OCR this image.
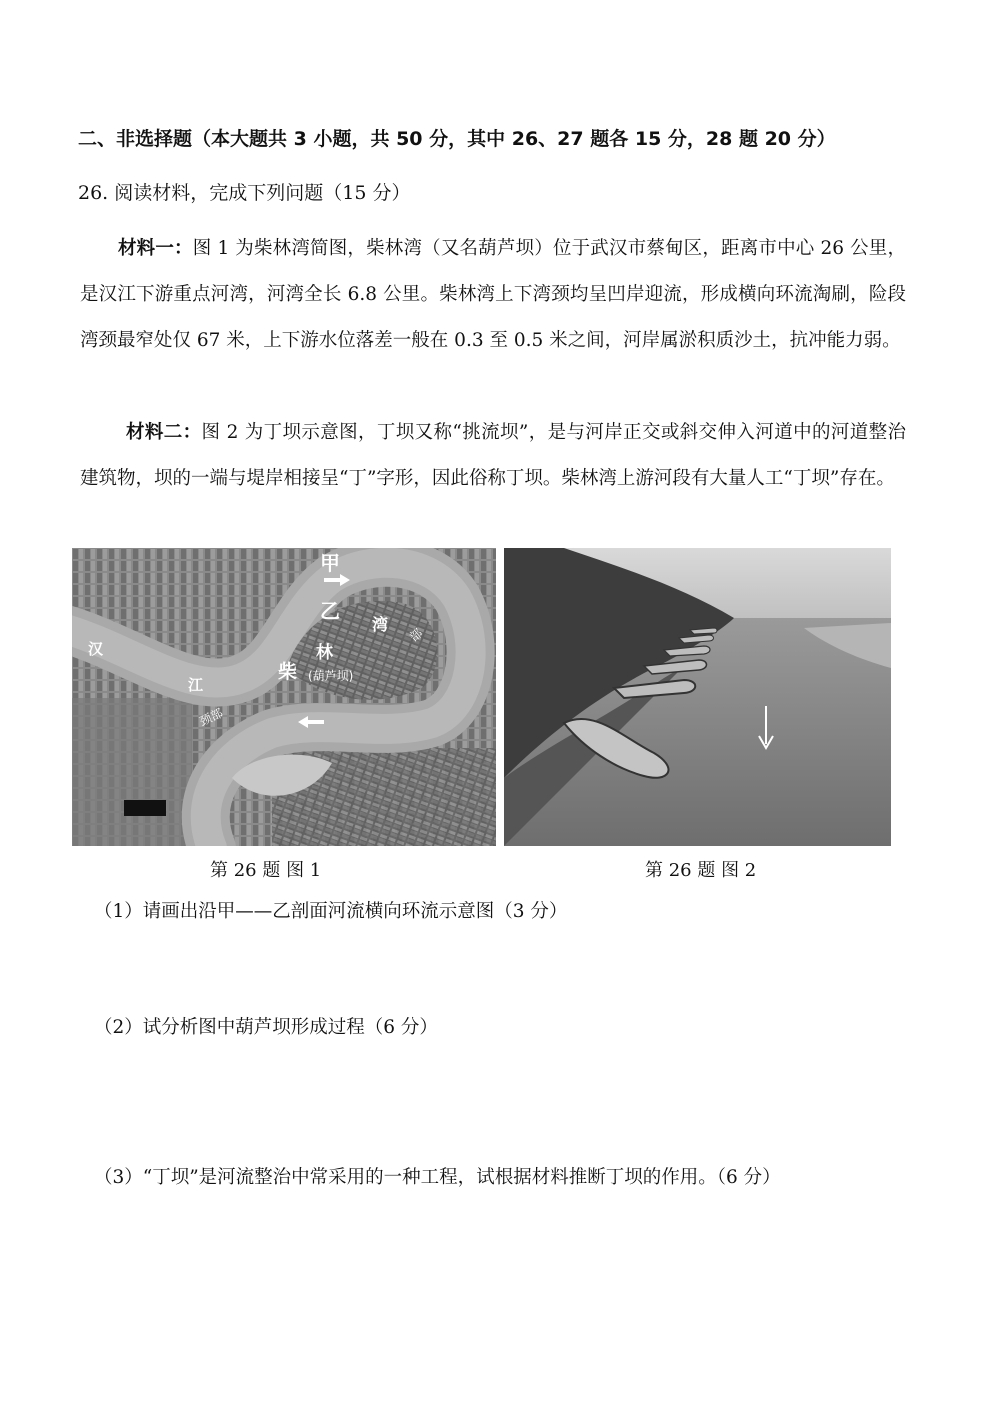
二、非选择题（本大题共 3 小题，共 50 分，其中 26、27 题各 15 分，28 题 20 分）
26. 阅读材料，完成下列问题（15 分）
材料一：图 1 为柴林湾简图，柴林湾（又名葫芦坝）位于武汉市蔡甸区，距离市中心 26 公里，是汉江下游重点河湾，河湾全长 6.8 公里。柴林湾上下湾颈均呈凹岸迎流，形成横向环流淘刷，险段湾颈最窄处仅 67 米，上下游水位落差一般在 0.3 至 0.5 米之间，河岸属淤积质沙土，抗冲能力弱。
材料二：图 2 为丁坝示意图，丁坝又称“挑流坝”，是与河岸正交或斜交伸入河道中的河道整治建筑物，坝的一端与堤岸相接呈“丁”字形，因此俗称丁坝。柴林湾上游河段有大量人工“丁坝”存在。
甲
乙
汉
江
柴
林
(葫芦坝)
湾
部
颈部
第 26 题 图 1	第 26 题 图 2
（1）请画出沿甲——乙剖面河流横向环流示意图（3 分）
（2）试分析图中葫芦坝形成过程（6 分）
（3）“丁坝”是河流整治中常采用的一种工程，试根据材料推断丁坝的作用。（6 分）
